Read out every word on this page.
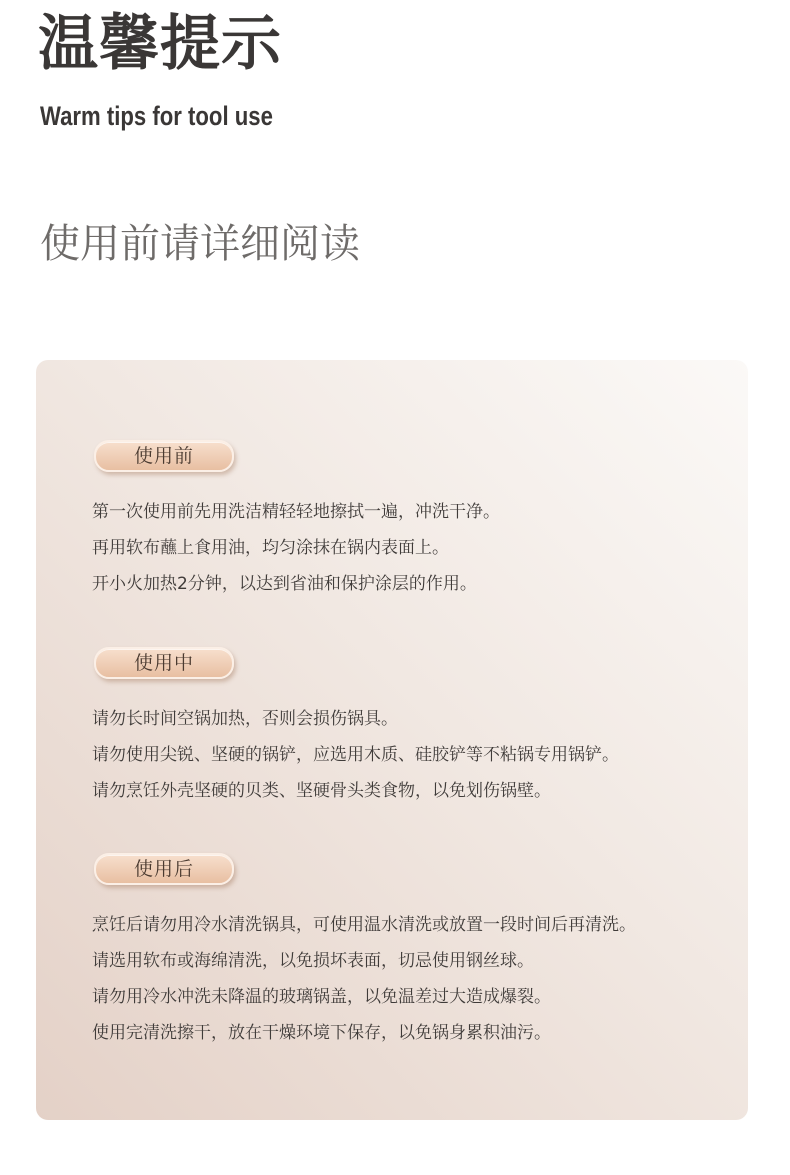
温馨提示
Warm tips for tool use
使用前请详细阅读
使用前
第一次使用前先用洗洁精轻轻地擦拭一遍，冲洗干净。
再用软布蘸上食用油，均匀涂抹在锅内表面上。
开小火加热2分钟，以达到省油和保护涂层的作用。
使用中
请勿长时间空锅加热，否则会损伤锅具。
请勿使用尖锐、坚硬的锅铲，应选用木质、硅胶铲等不粘锅专用锅铲。
请勿烹饪外壳坚硬的贝类、坚硬骨头类食物，以免划伤锅壁。
使用后
烹饪后请勿用冷水清洗锅具，可使用温水清洗或放置一段时间后再清洗。
请选用软布或海绵清洗，以免损坏表面，切忌使用钢丝球。
请勿用冷水冲洗未降温的玻璃锅盖，以免温差过大造成爆裂。
使用完清洗擦干，放在干燥环境下保存，以免锅身累积油污。
